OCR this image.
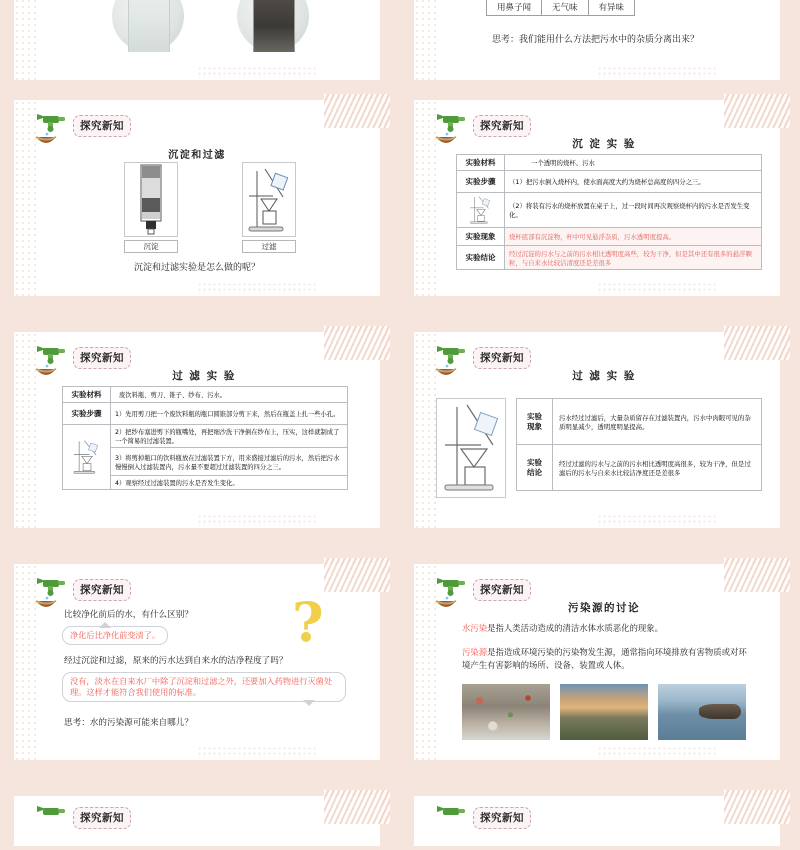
用鼻子闻	无气味	有异味
思考：我们能用什么方法把污水中的杂质分离出来？
探究新知
沉淀和过滤
沉淀	过滤
沉淀和过滤实验是怎么做的呢？
探究新知
沉 淀 实 验
实验材料	一个透明的烧杯、污水
实验步骤	（1）把污水倒入烧杯内，使水面高度大约为烧杯总高度的四分之三。

	（2）将装有污水的烧杯放置在桌子上，过一段时间再次观察烧杯内的污水是否发生变化。
实验现象	烧杯底部有沉淀物，杯中可见悬浮杂质，污水透明度提高。
实验结论	经过沉淀的污水与之前的污水相比透明度高些，较为干净，但是其中还有很多的悬浮颗粒，与自来水比较洁清度还是差很多
探究新知
过 滤 实 验
实验材料	废饮料瓶、剪刀、锥子、纱布、污水。
实验步骤	1）先用剪刀把一个废饮料瓶的瓶口圆锥部分剪下来，然后在瓶盖上扎一些小孔。

	2）把纱布塞进剪下的瓶嘴处，再把细沙洗干净倒在纱布上，压实，这样就制成了一个简易的过滤装置。
	3）将剪掉瓶口的饮料瓶放在过滤装置下方，用来盛接过滤后的污水，然后把污水慢慢倒入过滤装置内，污水量不要超过过滤装置的四分之三。
	4）观察经过过滤装置的污水是否发生变化。
探究新知
过 滤 实 验
实验
现象	污水经过过滤后，大量杂质留存在过滤装置内，污水中肉眼可见的杂质明显减少，透明度明显提高。

实验
结论	经过过滤的污水与之前的污水相比透明度高很多，较为干净，但是过滤后的污水与自来水比较洁净度还是差很多
探究新知	?
比较净化前后的水，有什么区别？
净化后比净化前变清了。
经过沉淀和过滤，原来的污水达到自来水的洁净程度了吗？
没有，淡水在自来水厂中除了沉淀和过滤之外，还要加入药物进行灭菌处理。这样才能符合我们使用的标准。
思考：水的污染源可能来自哪儿？
探究新知
污染源的讨论
水污染是指人类活动造成的清洁水体水质恶化的现象。
污染源是指造成环境污染的污染物发生源，通常指向环境排放有害物质或对环境产生有害影响的场所、设备、装置或人体。
探究新知	探究新知
